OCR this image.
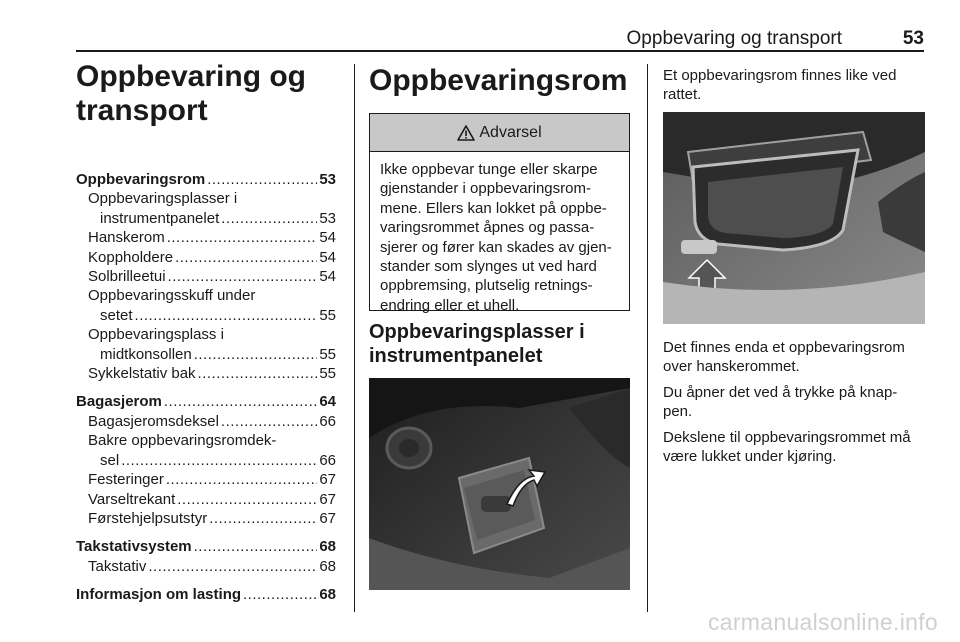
Oppbevaring og transport	53
Oppbevaring og
transport
Oppbevaringsrom .....	53
Oppbevaringsplasser i
instrumentpanelet .....	53
Hanskerom .....	54
Koppholdere .....	54
Solbrilleetui .....	54
Oppbevaringsskuff under
setet .....	55
Oppbevaringsplass i
midtkonsollen .....	55
Sykkelstativ bak .....	55
Bagasjerom .....	64
Bagasjeromsdeksel .....	66
Bakre oppbevaringsromdek-
sel .....	66
Festeringer .....	67
Varseltrekant .....	67
Førstehjelpsutstyr .....	67
Takstativsystem .....	68
Takstativ .....	68
Informasjon om lasting .....	68
Oppbevaringsrom
Advarsel
Ikke oppbevar tunge eller skarpe
gjenstander i oppbevaringsrom-
mene. Ellers kan lokket på oppbe-
varingsrommet åpnes og passa-
sjerer og fører kan skades av gjen-
stander som slynges ut ved hard
oppbremsing, plutselig retnings-
endring eller et uhell.
Oppbevaringsplasser i
instrumentpanelet
Et oppbevaringsrom finnes like ved
rattet.

Det finnes enda et oppbevaringsrom
over hanskerommet.

Du åpner det ved å trykke på knap-
pen.

Dekslene til oppbevaringsrommet må
være lukket under kjøring.

carmanualsonline.info
